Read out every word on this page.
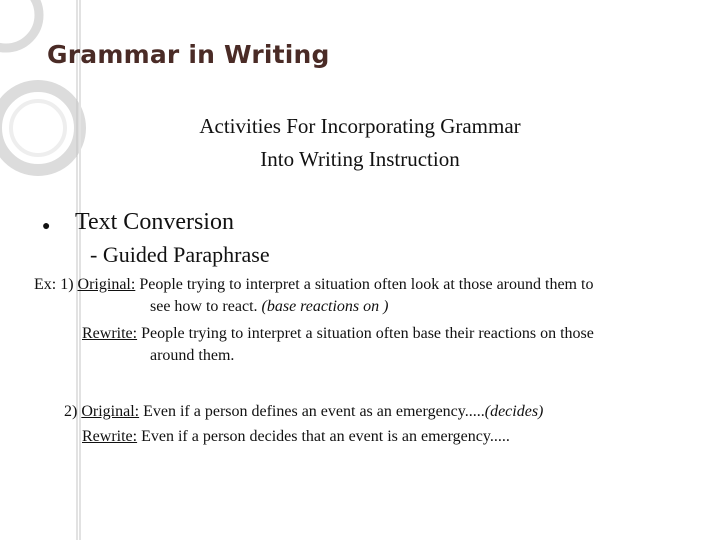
Grammar in Writing
Activities For Incorporating Grammar
Into Writing Instruction
● Text Conversion
- Guided Paraphrase
Ex: 1) Original: People trying to interpret a situation often look at those around them to
see how to react. (base reactions on )
Rewrite: People trying to interpret a situation often base their reactions on those
around them.
2) Original: Even if a person defines an event as an emergency.....(decides)
Rewrite: Even if a person decides that an event is an emergency.....
